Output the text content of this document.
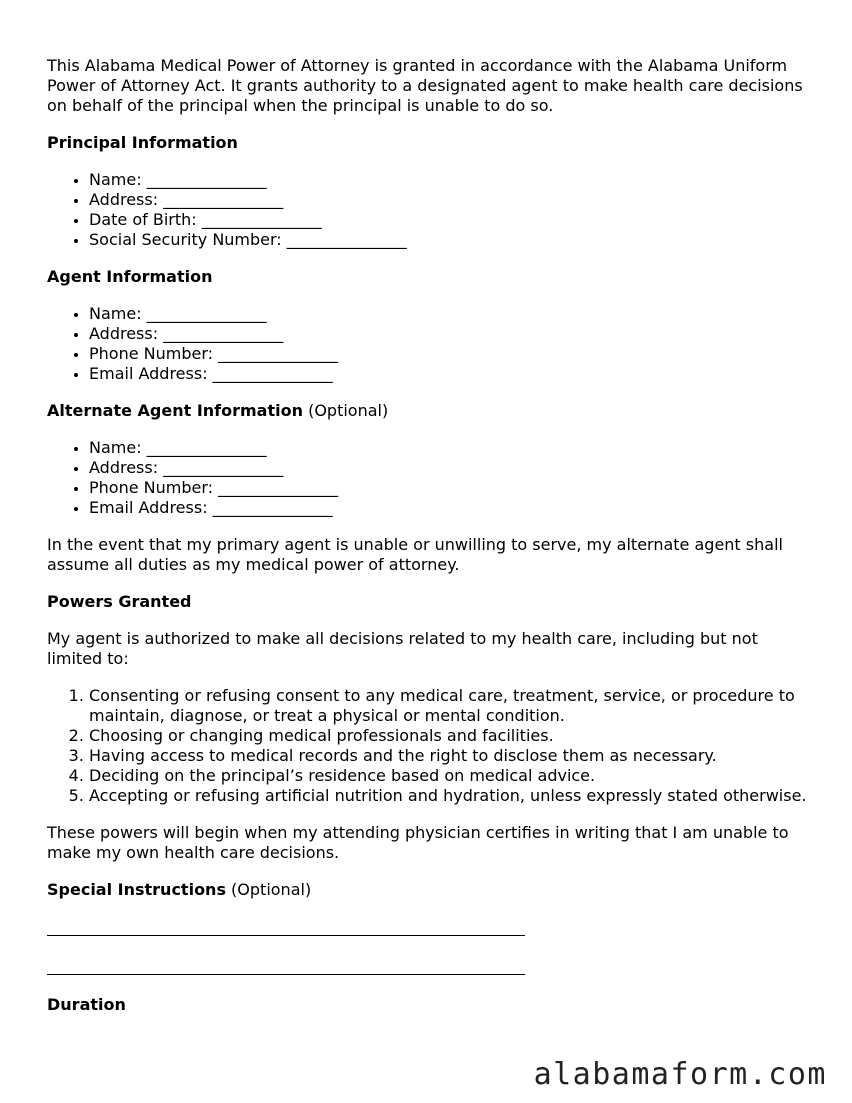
This Alabama Medical Power of Attorney is granted in accordance with the Alabama Uniform Power of Attorney Act. It grants authority to a designated agent to make health care decisions on behalf of the principal when the principal is unable to do so.

Principal Information

• Name: _______________
• Address: _______________
• Date of Birth: _______________
• Social Security Number: _______________

Agent Information

• Name: _______________
• Address: _______________
• Phone Number: _______________
• Email Address: _______________

Alternate Agent Information (Optional)

• Name: _______________
• Address: _______________
• Phone Number: _______________
• Email Address: _______________

In the event that my primary agent is unable or unwilling to serve, my alternate agent shall assume all duties as my medical power of attorney.

Powers Granted

My agent is authorized to make all decisions related to my health care, including but not limited to:

1. Consenting or refusing consent to any medical care, treatment, service, or procedure to maintain, diagnose, or treat a physical or mental condition.
2. Choosing or changing medical professionals and facilities.
3. Having access to medical records and the right to disclose them as necessary.
4. Deciding on the principal’s residence based on medical advice.
5. Accepting or refusing artificial nutrition and hydration, unless expressly stated otherwise.

These powers will begin when my attending physician certifies in writing that I am unable to make my own health care decisions.

Special Instructions (Optional)

Duration

alabamaform.com
